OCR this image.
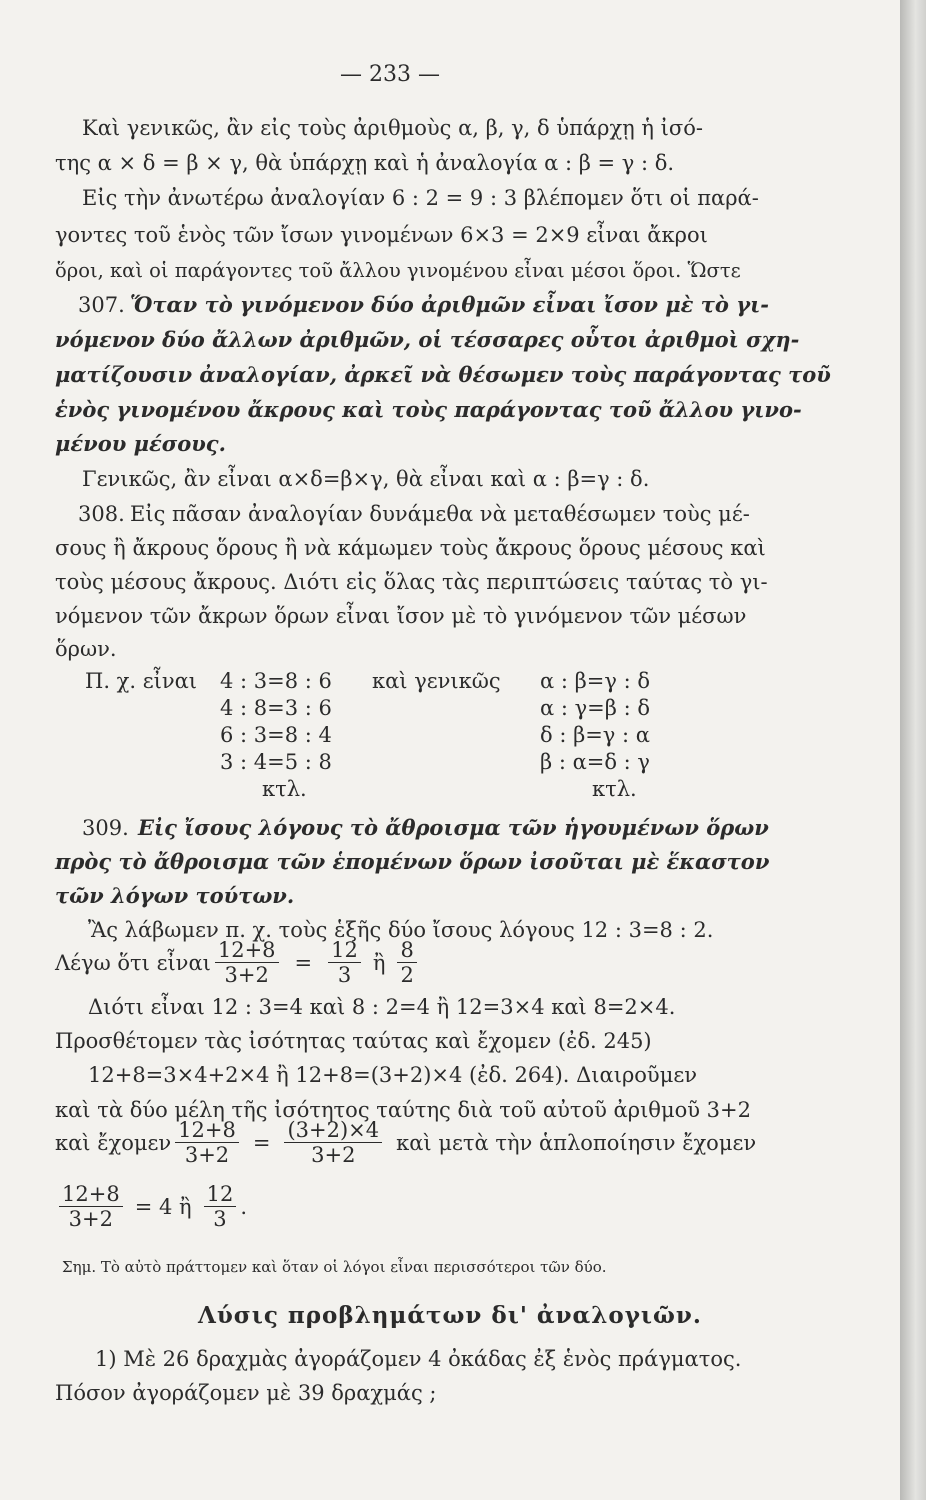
— 233 —
Καὶ γενικῶς, ἂν εἰς τοὺς ἀριθμοὺς α, β, γ, δ ὑπάρχῃ ἡ ἰσό-
της α × δ = β × γ, θὰ ὑπάρχῃ καὶ ἡ ἀναλογία α : β = γ : δ.
Εἰς τὴν ἀνωτέρω ἀναλογίαν 6 : 2 = 9 : 3 βλέπομεν ὅτι οἱ παρά-
γοντες τοῦ ἑνὸς τῶν ἴσων γινομένων 6×3 = 2×9 εἶναι ἄκροι
ὅροι, καὶ οἱ παράγοντες τοῦ ἄλλου γινομένου εἶναι μέσοι ὅροι. Ὥστε
307. Ὅταν τὸ γινόμενον δύο ἀριθμῶν εἶναι ἴσον μὲ τὸ γι-
νόμενον δύο ἄλλων ἀριθμῶν, οἱ τέσσαρες οὗτοι ἀριθμοὶ σχη-
ματίζουσιν ἀναλογίαν, ἀρκεῖ νὰ θέσωμεν τοὺς παράγοντας τοῦ
ἑνὸς γινομένου ἄκρους καὶ τοὺς παράγοντας τοῦ ἄλλου γινο-
μένου μέσους.
Γενικῶς, ἂν εἶναι α×δ=β×γ, θὰ εἶναι καὶ α : β=γ : δ.
308. Εἰς πᾶσαν ἀναλογίαν δυνάμεθα νὰ μεταθέσωμεν τοὺς μέ-
σους ἢ ἄκρους ὅρους ἢ νὰ κάμωμεν τοὺς ἄκρους ὅρους μέσους καὶ
τοὺς μέσους ἄκρους. Διότι εἰς ὅλας τὰς περιπτώσεις ταύτας τὸ γι-
νόμενον τῶν ἄκρων ὅρων εἶναι ἴσον μὲ τὸ γινόμενον τῶν μέσων
ὅρων.
Π. χ. εἶναι 4 : 3=8 : 6
4 : 8=3 : 6
6 : 3=8 : 4
3 : 4=5 : 8
κτλ.
καὶ γενικῶς α : β=γ : δ
α : γ=β : δ
δ : β=γ : α
β : α=δ : γ
κτλ.
309. Εἰς ἴσους λόγους τὸ ἄθροισμα τῶν ἡγουμένων ὅρων
πρὸς τὸ ἄθροισμα τῶν ἑπομένων ὅρων ἰσοῦται μὲ ἕκαστον
τῶν λόγων τούτων.
Ἂς λάβωμεν π. χ. τοὺς ἑξῆς δύο ἴσους λόγους 12 : 3=8 : 2.
Λέγω ὅτι εἶναι $\frac{12+8}{3+2} = \frac{12}{3}$ ἢ $\frac{8}{2}$
Διότι εἶναι 12 : 3=4 καὶ 8 : 2=4 ἢ 12=3×4 καὶ 8=2×4.
Προσθέτομεν τὰς ἰσότητας ταύτας καὶ ἔχομεν (ἐδ. 245)
12+8=3×4+2×4 ἢ 12+8=(3+2)×4 (ἐδ. 264). Διαιροῦμεν
καὶ τὰ δύο μέλη τῆς ἰσότητος ταύτης διὰ τοῦ αὐτοῦ ἀριθμοῦ 3+2
καὶ ἔχομεν $\frac{12+8}{3+2} = \frac{(3+2)\times 4}{3+2}$ καὶ μετὰ τὴν ἁπλοποίησιν ἔχομεν
$\frac{12+8}{3+2} = 4$ ἢ $\frac{12}{3}$ .
Σημ. Τὸ αὐτὸ πράττομεν καὶ ὅταν οἱ λόγοι εἶναι περισσότεροι τῶν δύο.
Λύσις προβλημάτων δι' ἀναλογιῶν.
1) Μὲ 26 δραχμὰς ἀγοράζομεν 4 ὀκάδας ἐξ ἑνὸς πράγματος.
Πόσον ἀγοράζομεν μὲ 39 δραχμάς ;
